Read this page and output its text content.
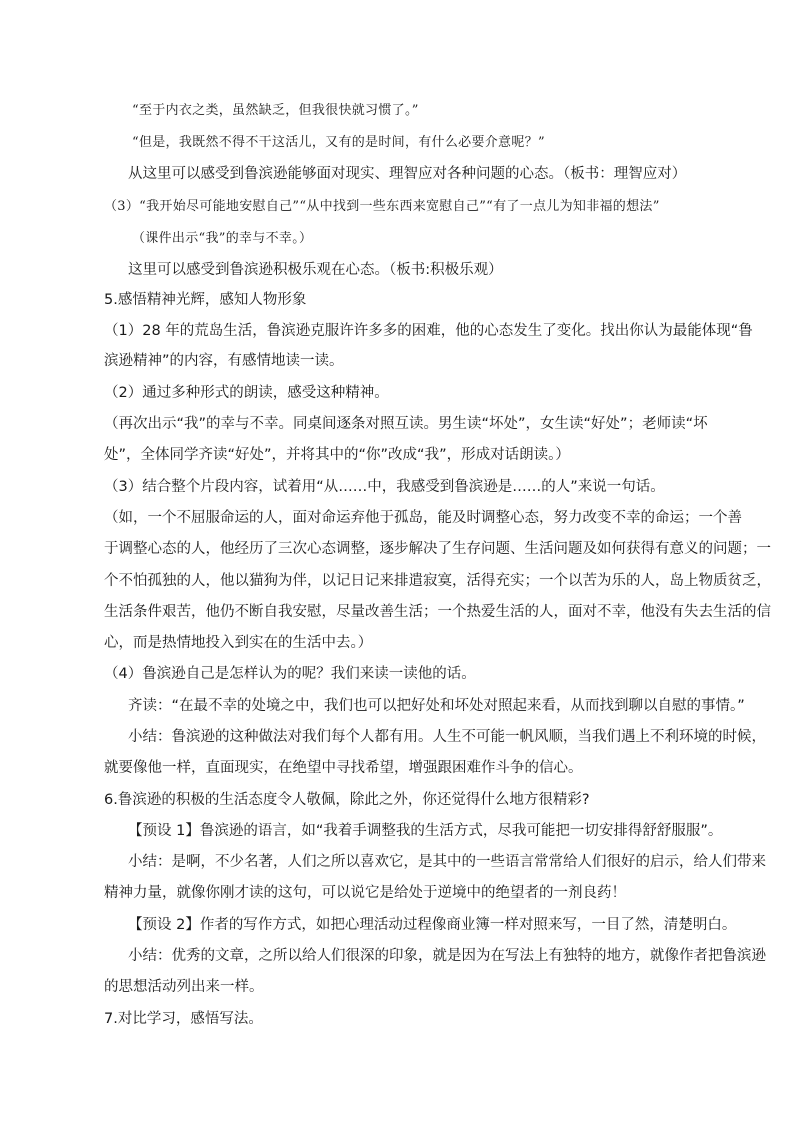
“至于内衣之类，虽然缺乏，但我很快就习惯了。”
“但是，我既然不得不干这活儿，又有的是时间，有什么必要介意呢？”
从这里可以感受到鲁滨逊能够面对现实、理智应对各种问题的心态。（板书：理智应对）
（3）“我开始尽可能地安慰自己”“从中找到一些东西来宽慰自己”“有了一点儿为知非福的想法”
（课件出示“我”的幸与不幸。）
这里可以感受到鲁滨逊积极乐观在心态。（板书:积极乐观）
5.感悟精神光辉，感知人物形象
（1）28 年的荒岛生活，鲁滨逊克服许许多多的困难，他的心态发生了变化。找出你认为最能体现“鲁
滨逊精神”的内容，有感情地读一读。
（2）通过多种形式的朗读，感受这种精神。
（再次出示“我”的幸与不幸。同桌间逐条对照互读。男生读“坏处”，女生读“好处”；老师读“坏
处”，全体同学齐读“好处”，并将其中的“你”改成“我”，形成对话朗读。）
（3）结合整个片段内容，试着用“从……中，我感受到鲁滨逊是……的人”来说一句话。
（如，一个不屈服命运的人，面对命运弃他于孤岛，能及时调整心态，努力改变不幸的命运；一个善
于调整心态的人，他经历了三次心态调整，逐步解决了生存问题、生活问题及如何获得有意义的问题；一
个不怕孤独的人，他以猫狗为伴，以记日记来排遣寂寞，活得充实；一个以苦为乐的人，岛上物质贫乏，
生活条件艰苦，他仍不断自我安慰，尽量改善生活；一个热爱生活的人，面对不幸，他没有失去生活的信
心，而是热情地投入到实在的生活中去。）
（4）鲁滨逊自己是怎样认为的呢？我们来读一读他的话。
齐读：“在最不幸的处境之中，我们也可以把好处和坏处对照起来看，从而找到聊以自慰的事情。”
小结：鲁滨逊的这种做法对我们每个人都有用。人生不可能一帆风顺，当我们遇上不利环境的时候，
就要像他一样，直面现实，在绝望中寻找希望，增强跟困难作斗争的信心。
6.鲁滨逊的积极的生活态度令人敬佩，除此之外，你还觉得什么地方很精彩?
【预设 1】鲁滨逊的语言，如“我着手调整我的生活方式，尽我可能把一切安排得舒舒服服”。
小结：是啊，不少名著，人们之所以喜欢它，是其中的一些语言常常给人们很好的启示，给人们带来
精神力量，就像你刚才读的这句，可以说它是给处于逆境中的绝望者的一剂良药！
【预设 2】作者的写作方式，如把心理活动过程像商业簿一样对照来写，一目了然，清楚明白。
小结：优秀的文章，之所以给人们很深的印象，就是因为在写法上有独特的地方，就像作者把鲁滨逊
的思想活动列出来一样。
7.对比学习，感悟写法。
